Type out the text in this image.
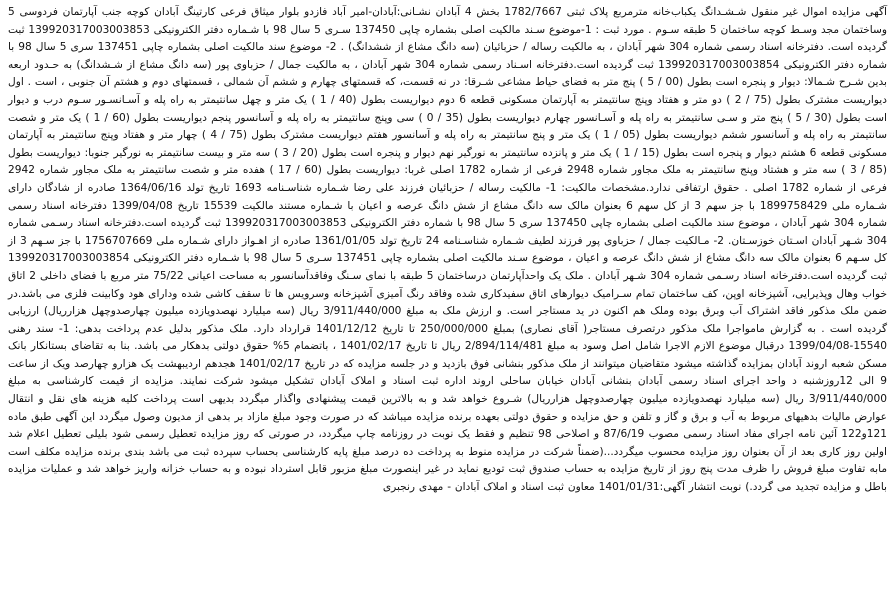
آگهی مزایده اموال غیر منقول شـشـدانگ یکباب‌خانه مترمربع پلاک ثبتی 1782/7667 بخش 4 آبادان نشـانی:آبادان-امیر آباد فازدو بلوار میثاق فرعی کارتینگ آبادان کوچه جنب آپارتمان فردوسی 5 وساختمان مجد وسـط کوچه ساختمان 5 طبقه سـوم . مورد ثبت : 1-موضوع سـند مالکیت اصلی بشماره چاپی 137450 سـری 5 سال 98 با شـماره دفتر الکترونیکی 139920317003003853 ثبت گردیده است. دفترخانه اسناد رسمی شماره 304 شهر آبادان ، به مالکیت رساله / حزبائیان (سه دانگ مشاع از ششدانگ) . 2- موضوع سند مالکیت اصلی بشماره چاپی 137451 سری 5 سال 98 با شماره دفتر الکترونیکی 139920317003003854 ثبت گردیده است.دفترخانه اسـناد رسمی شماره 304 شهر آبادان ، به مالکیت جمال / حزباوی پور (سه دانگ مشاع از شـشدانگ) به حـدود اربعه بدین شـرح شـمالا: دیوار و پنجره است بطول (00 / 5 ) پنج متر به فضای حیاط مشاعی شـرقا: در نه قسمت، که قسمتهای چهارم و ششم آن شمالی ، قسمتهای دوم و هشتم آن جنوبی ، است . اول دیواریست مشترک بطول (75 / 2 ) دو متر و هفتاد وپنج سانتیمتر به آپارتمان مسکونی قطعه 6 دوم دیواریست بطول (40 / 1 ) یک متر و چهل سانتیمتر به راه پله و آسـانسـور سـوم درب و دیوار است بطول (30 / 5 ) پنج متر و سـی سانتیمتر به راه پله و آسـانسور چهارم دیواریست بطول (35 / 0 ) سی وپنج سانتیمتر به راه پله و آسانسور پنجم دیواریست بطول (60 / 1 ) یک متر و شصت سانتیمتر به راه پله و آسانسور ششم دیواریست بطول (05 / 1 ) یک متر و پنج سانتیمتر به راه پله و آسانسور هفتم دیواریست مشترک بطول (75 / 4 ) چهار متر و هفتاد وپنج سانتیمتر به آپارتمان مسکونی قطعه 6 هشتم دیوار و پنجره است بطول (15 / 1 ) یک متر و پانزده سانتیمتر به نورگیر نهم دیوار و پنجره است بطول (20 / 3 ) سه متر و بیست سانتیمتر به نورگیر جنوبا: دیواریست بطول (85 / 3 ) سه متر و هشتاد وپنج سانتیمتر به ملک مجاور شماره 2948 فرعی از شماره 1782 اصلی غربا: دیواریست بطول (60 / 17 ) هفده متر و شصت سانتیمتر به ملک مجاور شماره 2942 فرعی از شماره 1782 اصلی . حقوق ارتفاقی ندارد.مشخصات مالکیت: 1- مالکیت رساله / حزبائیان فرزند علی رضا شـماره شناسـنامه 1693 تاریخ تولد 1364/06/16 صادره از شادگان دارای شـماره ملی 1899758429 با جز سهم 3 از کل سهم 6 بعنوان مالک سه دانگ مشاع از شش دانگ عرصه و اعیان با شـماره مستند مالکیت 15539 تاریخ 1399/04/08 دفترخانه اسناد رسمی شماره 304 شهر آبادان ، موضوع سند مالکیت اصلی بشماره چاپی 137450 سری 5 سال 98 با شماره دفتر الکترونیکی 139920317003003853 ثبت گردیده است.دفترخانه اسناد رسـمی شماره 304 شـهر آبادان اسـتان خوزسـتان. 2- مـالکیت جمال / حزباوی پور فرزند لطیف شـماره شناسـنامه 24 تاریخ تولد 1361/01/05 صادره از اهـواز دارای شـماره ملی 1756707669 با جز سـهم 3 از کل سـهم 6 بعنوان مالک سه دانگ مشاع از شش دانگ عرصه و اعیان ، موضوع سـند مالکیت اصلی بشماره چاپی 137451 سـری 5 سال 98 با شـماره دفتر الکترونیکی 139920317003003854 ثبت گردیده است.دفترخانه اسناد رسـمی شماره 304 شـهر آبادان . ملک یک واحدآپارتمان درساختمان 5 طبقه با نمای سـنگ وفاقدآسانسور به مساحت اعیانی 75/22 متر مربع با فضای داخلی 2 اتاق خواب وهال وپذیرایی، آشپزخانه اوپن، کف ساختمان تمام سـرامیک دیوارهای اتاق سفیدکاری شده وفاقد رنگ آمیزی آشپزخانه وسرویس ها تا سقف کاشی شده ودارای هود وکابینت فلزی می باشد.در ضمن ملک مذکور فاقد اشتراک آب وبرق بوده وملک هم اکنون در ید مستاجر است. و ارزش ملک به مبلغ 3/911/440/000 ریال (سه میلیارد نهصدویازده میلیون چهارصدوچهل هزارریال) ارزیابی گردیده است . به گزارش مامواجرا ملک مذکور درتصرف مستاجر( آقای نصاری) بمبلغ 250/000/000 تا تاریخ 1401/12/12 قرارداد دارد. ملک مذکور بدلیل عدم پرداخت بدهی: 1- سند رهنی 15540-1399/04/08 درقبال موضوع الازم الاجرا شامل اصل وسود به مبلغ 2/894/114/481 ریال تا تاریخ 1401/02/17 ، باتضمام 5% حقوق دولتی بدهکار می باشد. بنا به تقاضای بستانکار بانک مسکن شعبه اروند آبادان بمزایده گذاشته میشود متقاضیان میتوانند از ملک مذکور بنشانی فوق بازدید و در جلسه مزایده که در تاریخ 1401/02/17 هجدهم اردیبهشت یک هزارو چهارصد ویک از ساعت 9 الی 12روزشنبه د واحد اجرای اسناد رسمی آبادان بنشانی آبادان خیابان ساحلی اروند اداره ثبت اسناد و املاک آبادان تشکیل میشود شرکت نمایند. مزایده از قیمت کارشناسی به مبلغ 3/911/440/000 ریال (سه میلیارد نهصدویازده میلیون چهارصدوچهل هزارریال) شـروع خواهد شد و به بالاترین قیمت پیشنهادی واگذار میگردد بدیهی است پرداخت کلیه هزینه های نقل و انتقال عوارض مالیات بدهیهای مربوط به آب و برق و گاز و تلفن و حق مزایده و حقوق دولتی بعهده برنده مزایده میباشد که در صورت وجود مبلغ مازاد بر بدهی از مدیون وصول میگردد این آگهی طبق ماده 121و122 آئین نامه اجرای مفاد اسناد رسمی مصوب 87/6/19 و اصلاحی 98 تنظیم و فقط یک نوبت در روزنامه چاپ میگردد، در صورتی که روز مزایده تعطیل رسمی شود بلیلی تعطیل اعلام شد اولین روز کاری بعد از آن بعنوان روز مزایده محسوب میگردد...(ضمناً شرکت در مزایده منوط به پرداخت ده درصد مبلغ پایه کارشناسی بحساب سپرده ثبت می باشد بندی برنده مزایده مکلف است مابه تفاوت مبلغ فروش را ظرف مدت پنج روز از تاریخ مزایده به حساب صندوق ثبت تودیع نماید در غیر اینصورت مبلغ مزبور قابل استرداد نبوده و به حساب خزانه واریز خواهد شد و عملیات مزایده باطل و مزایده تجدید می گردد.) نوبت انتشار آگهی:1401/01/31 معاون ثبت اسناد و املاک آبادان - مهدی رنجبری
